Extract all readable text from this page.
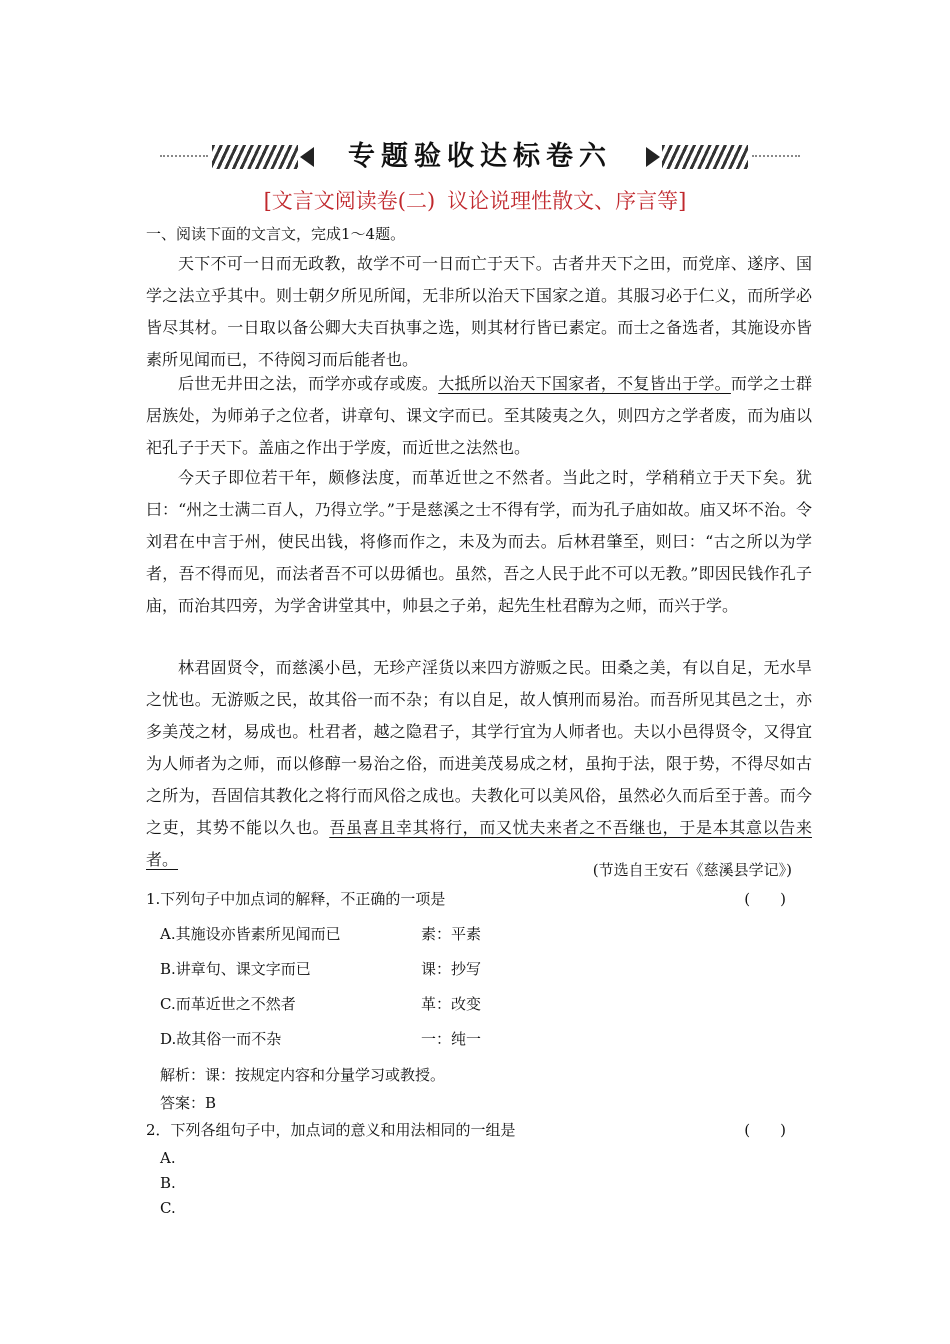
专题验收达标卷六
[文言文阅读卷(二) 议论说理性散文、序言等]
一、阅读下面的文言文，完成1～4题。
天下不可一日而无政教，故学不可一日而亡于天下。古者井天下之田，而党庠、遂序、国学之法立乎其中。则士朝夕所见所闻，无非所以治天下国家之道。其服习必于仁义，而所学必皆尽其材。一日取以备公卿大夫百执事之选，则其材行皆已素定。而士之备选者，其施设亦皆素所见闻而已，不待阅习而后能者也。
后世无井田之法，而学亦或存或废。大抵所以治天下国家者，不复皆出于学。而学之士群居族处，为师弟子之位者，讲章句、课文字而已。至其陵夷之久，则四方之学者废，而为庙以祀孔子于天下。盖庙之作出于学废，而近世之法然也。
今天子即位若干年，颇修法度，而革近世之不然者。当此之时，学稍稍立于天下矣。犹曰：“州之士满二百人，乃得立学。”于是慈溪之士不得有学，而为孔子庙如故。庙又坏不治。令刘君在中言于州，使民出钱，将修而作之，未及为而去。后林君肇至，则曰：“古之所以为学者，吾不得而见，而法者吾不可以毋循也。虽然，吾之人民于此不可以无教。”即因民钱作孔子庙，而治其四旁，为学舍讲堂其中，帅县之子弟，起先生杜君醇为之师，而兴于学。
林君固贤令，而慈溪小邑，无珍产淫货以来四方游贩之民。田桑之美，有以自足，无水旱之忧也。无游贩之民，故其俗一而不杂；有以自足，故人慎刑而易治。而吾所见其邑之士，亦多美茂之材，易成也。杜君者，越之隐君子，其学行宜为人师者也。夫以小邑得贤令，又得宜为人师者为之师，而以修醇一易治之俗，而进美茂易成之材，虽拘于法，限于势，不得尽如古之所为，吾固信其教化之将行而风俗之成也。夫教化可以美风俗，虽然必久而后至于善。而今之吏，其势不能以久也。吾虽喜且幸其将行，而又忧夫来者之不吾继也，于是本其意以告来者。
(节选自王安石《慈溪县学记》)
1.下列句子中加点词的解释，不正确的一项是	(　　)
A.其施设亦皆素所见闻而已	素：平素
B.讲章句、课文字而已	课：抄写
C.而革近世之不然者	革：改变
D.故其俗一而不杂	一：纯一
解析：课：按规定内容和分量学习或教授。
答案：B
2．下列各组句子中，加点词的意义和用法相同的一组是	(　　)
A.
B.
C.
